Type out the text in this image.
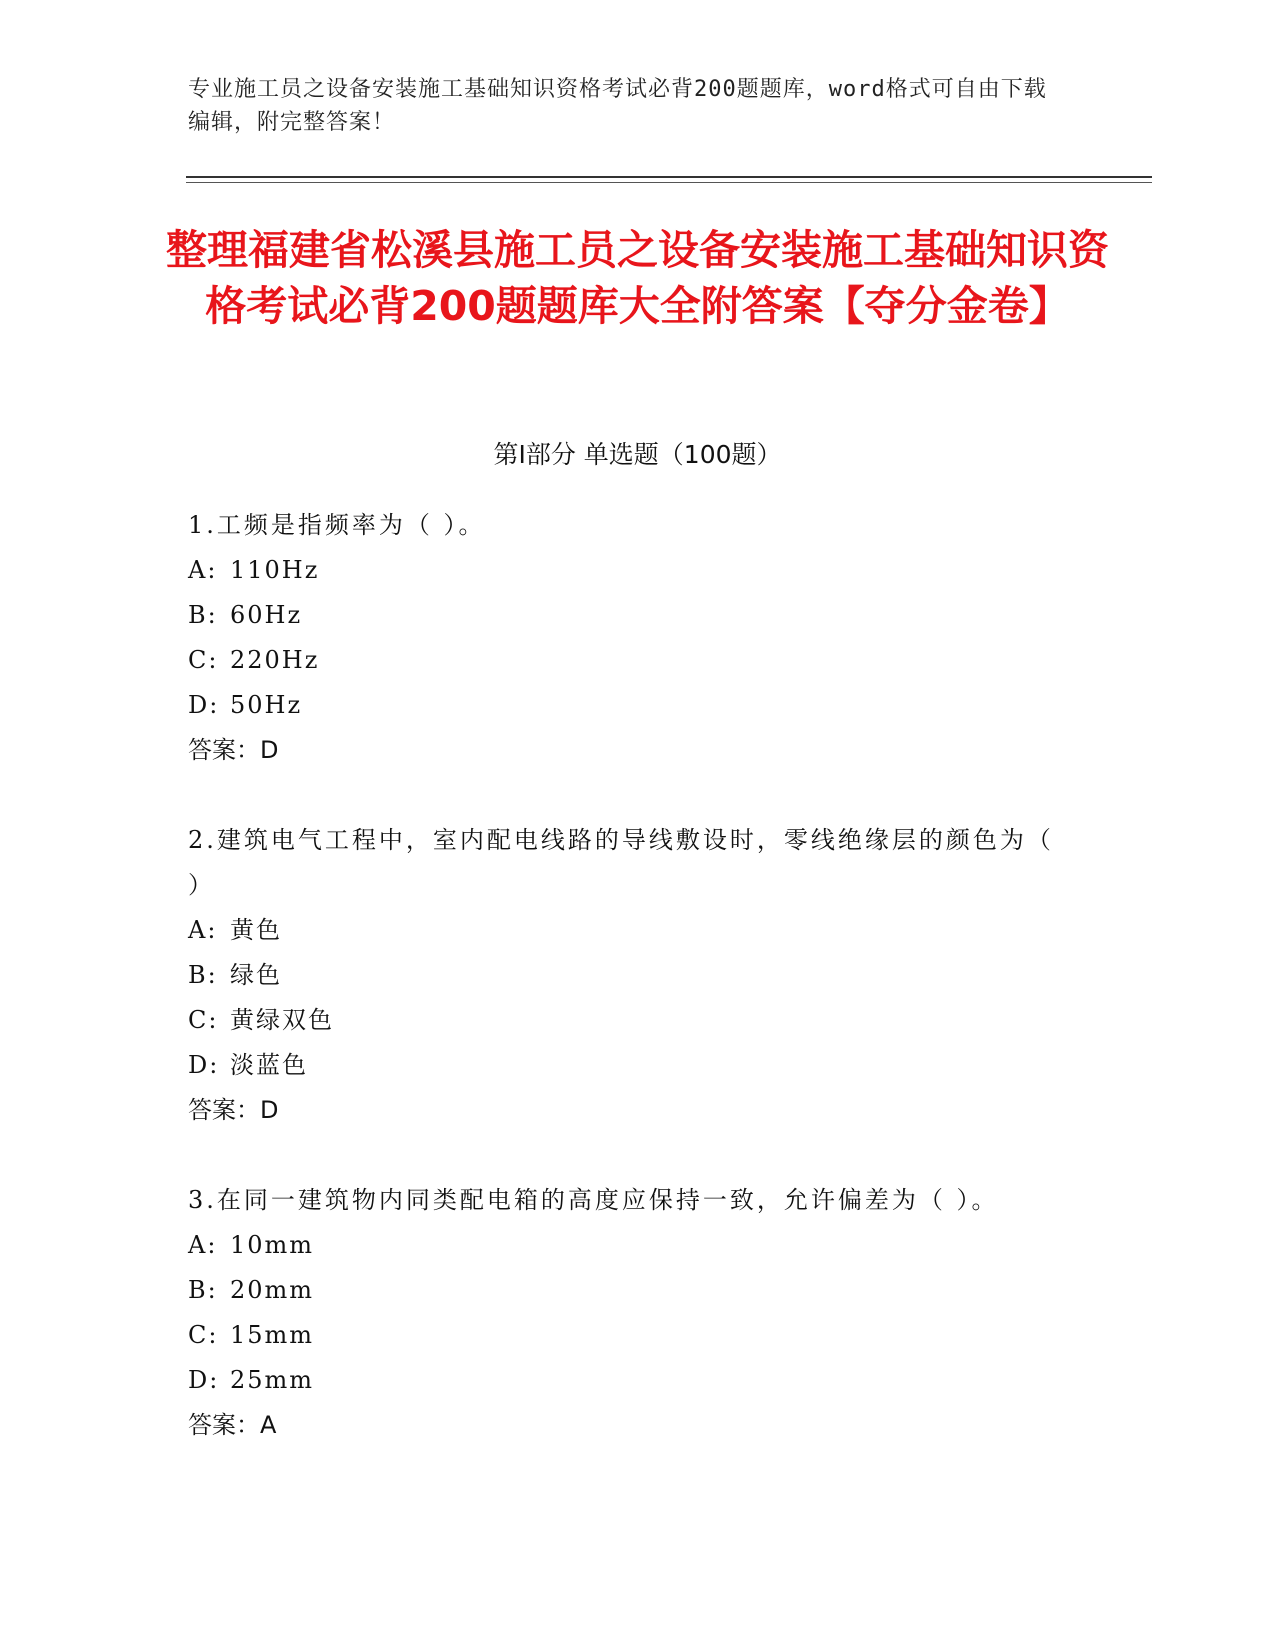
专业施工员之设备安装施工基础知识资格考试必背200题题库，word格式可自由下载编辑，附完整答案！
整理福建省松溪县施工员之设备安装施工基础知识资格考试必背200题题库大全附答案【夺分金卷】
第Ⅰ部分 单选题（100题）
1.工频是指频率为（ ）。
A: 110Hz
B: 60Hz
C: 220Hz
D: 50Hz
答案：D
2.建筑电气工程中，室内配电线路的导线敷设时，零线绝缘层的颜色为（ ）
A: 黄色
B: 绿色
C: 黄绿双色
D: 淡蓝色
答案：D
3.在同一建筑物内同类配电箱的高度应保持一致，允许偏差为（ ）。
A: 10mm
B: 20mm
C: 15mm
D: 25mm
答案：A
